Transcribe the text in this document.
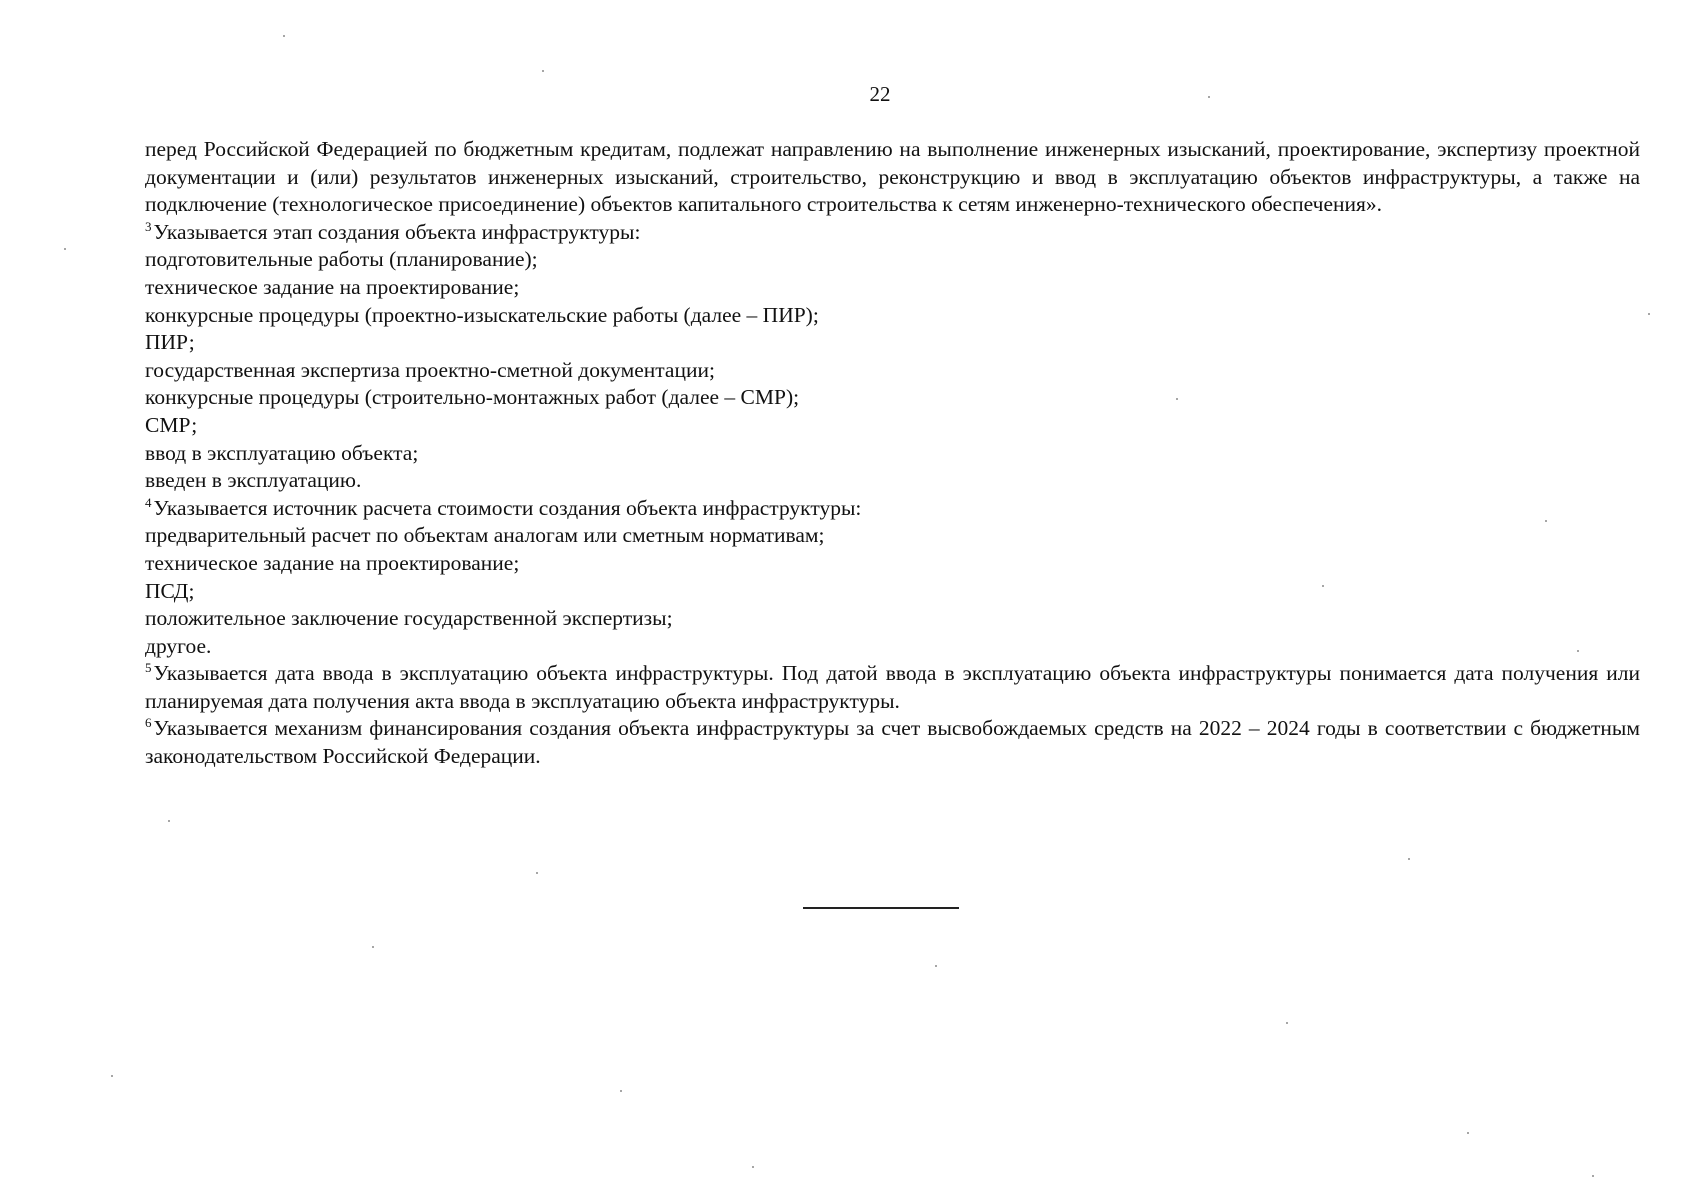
22

перед Российской Федерацией по бюджетным кредитам, подлежат направлению на выполнение инженерных изысканий, проектирование, экспертизу проектной документации и (или) результатов инженерных изысканий, строительство, реконструкцию и ввод в эксплуатацию объектов инфраструктуры, а также на подключение (технологическое присоединение) объектов капитального строительства к сетям инженерно-технического обеспечения».

$^3$Указывается этап создания объекта инфраструктуры:

подготовительные работы (планирование);

техническое задание на проектирование;

конкурсные процедуры (проектно-изыскательские работы (далее – ПИР);

ПИР;

государственная экспертиза проектно-сметной документации;

конкурсные процедуры (строительно-монтажных работ (далее – СМР);

СМР;

ввод в эксплуатацию объекта;

введен в эксплуатацию.

$^4$Указывается источник расчета стоимости создания объекта инфраструктуры:

предварительный расчет по объектам аналогам или сметным нормативам;

техническое задание на проектирование;

ПСД;

положительное заключение государственной экспертизы;

другое.

$^5$Указывается дата ввода в эксплуатацию объекта инфраструктуры. Под датой ввода в эксплуатацию объекта инфраструктуры понимается дата получения или планируемая дата получения акта ввода в эксплуатацию объекта инфраструктуры.

$^6$Указывается механизм финансирования создания объекта инфраструктуры за счет высвобождаемых средств на 2022 – 2024 годы в соответствии с бюджетным законодательством Российской Федерации.
